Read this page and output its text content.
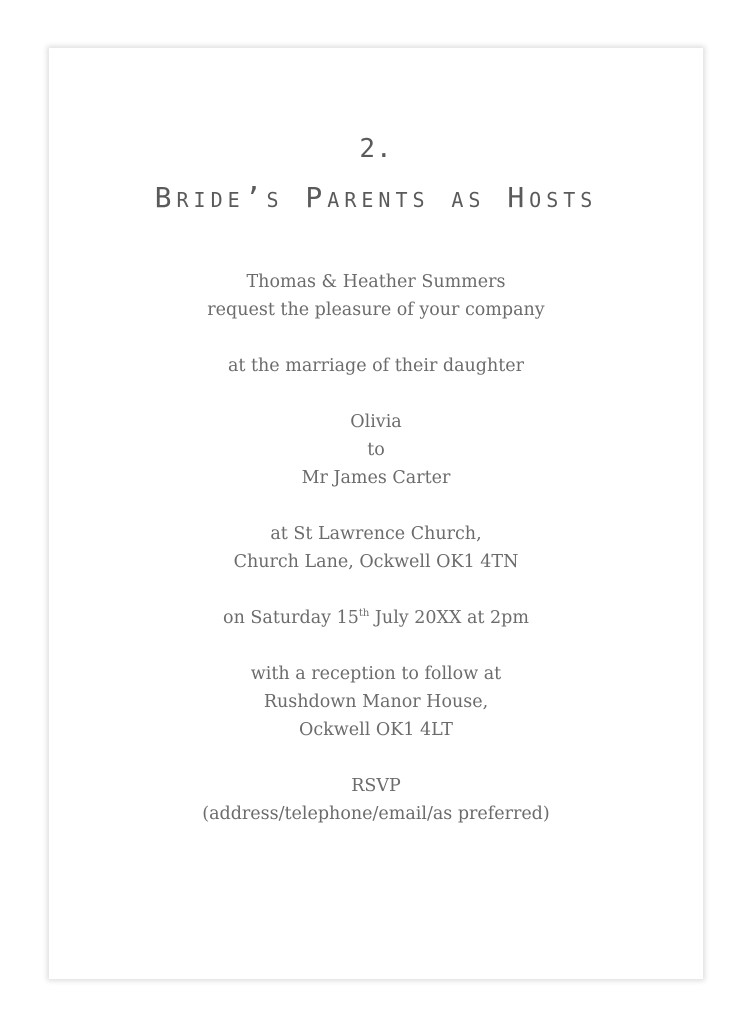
2.
Bride’s Parents as Hosts
Thomas & Heather Summers
request the pleasure of your company
at the marriage of their daughter
Olivia
to
Mr James Carter
at St Lawrence Church,
Church Lane, Ockwell OK1 4TN
on Saturday 15th July 20XX at 2pm
with a reception to follow at
Rushdown Manor House,
Ockwell OK1 4LT
RSVP
(address/telephone/email/as preferred)
